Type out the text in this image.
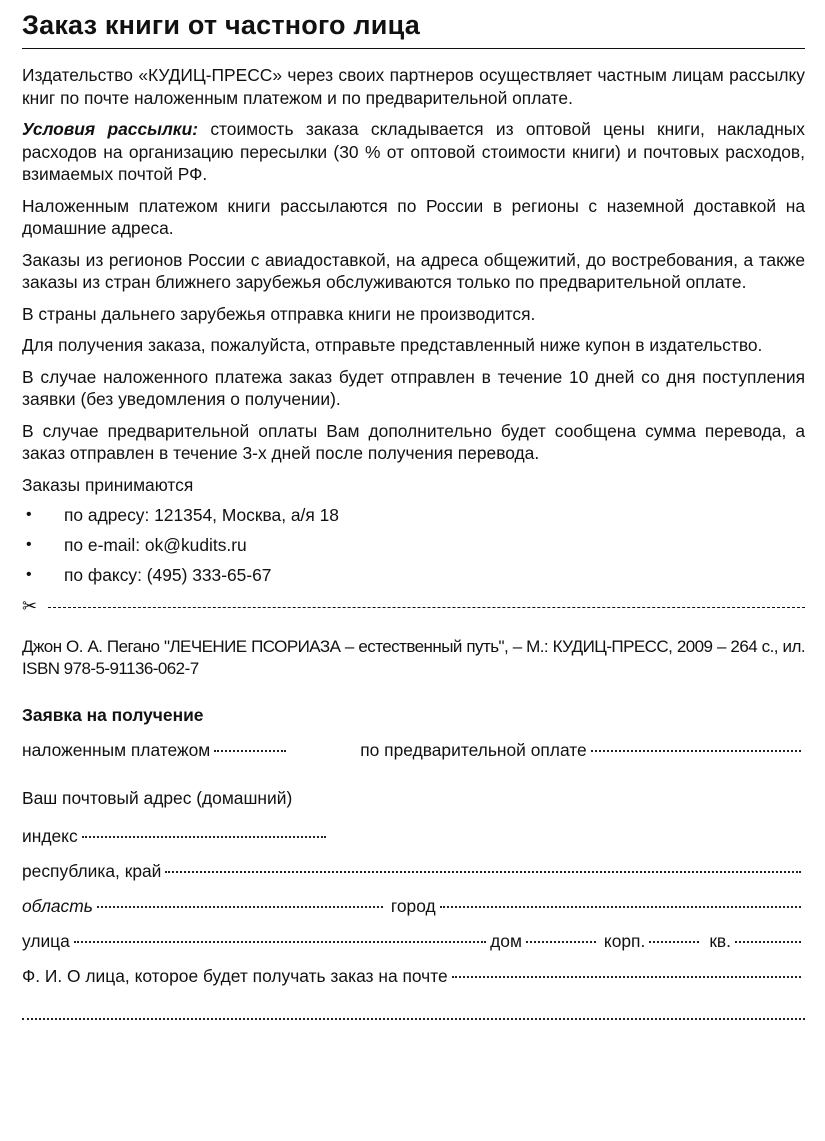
Заказ книги от частного лица

Издательство «КУДИЦ-ПРЕСС» через своих партнеров осуществляет частным лицам рассылку книг по почте наложенным платежом и по предварительной оплате.

Условия рассылки: стоимость заказа складывается из оптовой цены книги, накладных расходов на организацию пересылки (30 % от оптовой стоимости книги) и почтовых расходов, взимаемых почтой РФ.

Наложенным платежом книги рассылаются по России в регионы с наземной доставкой на домашние адреса.

Заказы из регионов России с авиадоставкой, на адреса общежитий, до востребования, а также заказы из стран ближнего зарубежья обслуживаются только по предварительной оплате.

В страны дальнего зарубежья отправка книги не производится.

Для получения заказа, пожалуйста, отправьте представленный ниже купон в издательство.

В случае наложенного платежа заказ будет отправлен в течение 10 дней со дня поступления заявки (без уведомления о получении).

В случае предварительной оплаты Вам дополнительно будет сообщена сумма перевода, а заказ отправлен в течение 3-х дней после получения перевода.

Заказы принимаются

• по адресу: 121354, Москва, а/я 18
• по e-mail: ok@kudits.ru
• по факсу: (495) 333-65-67
✂

Джон О. А. Пегано "ЛЕЧЕНИЕ ПСОРИАЗА – естественный путь", – М.: КУДИЦ-ПРЕСС, 2009 – 264 с., ил. ISBN 978-5-91136-062-7

Заявка на получение
наложенным платежом	по предварительной оплате
Ваш почтовый адрес (домашний)
индекс
республика, край
область	город
улица	дом	корп.	кв.
Ф. И. О лица, которое будет получать заказ на почте
